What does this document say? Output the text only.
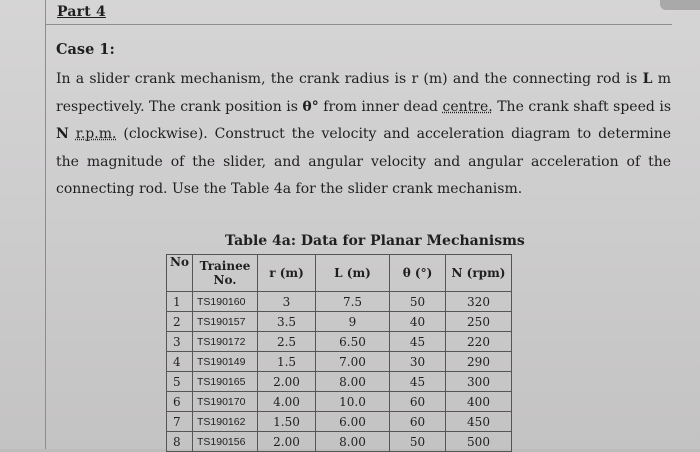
Part 4
Case 1:
In a slider crank mechanism, the crank radius is r (m) and the connecting rod is L m respectively. The crank position is θ° from inner dead centre. The crank shaft speed is N r.p.m. (clockwise). Construct the velocity and acceleration diagram to determine the magnitude of the slider, and angular velocity and angular acceleration of the connecting rod. Use the Table 4a for the slider crank mechanism.
Table 4a: Data for Planar Mechanisms
No	Trainee No.	r (m)	L (m)	θ (°)	N (rpm)
1	TS190160	3	7.5	50	320
2	TS190157	3.5	9	40	250
3	TS190172	2.5	6.50	45	220
4	TS190149	1.5	7.00	30	290
5	TS190165	2.00	8.00	45	300
6	TS190170	4.00	10.0	60	400
7	TS190162	1.50	6.00	60	450
8	TS190156	2.00	8.00	50	500
